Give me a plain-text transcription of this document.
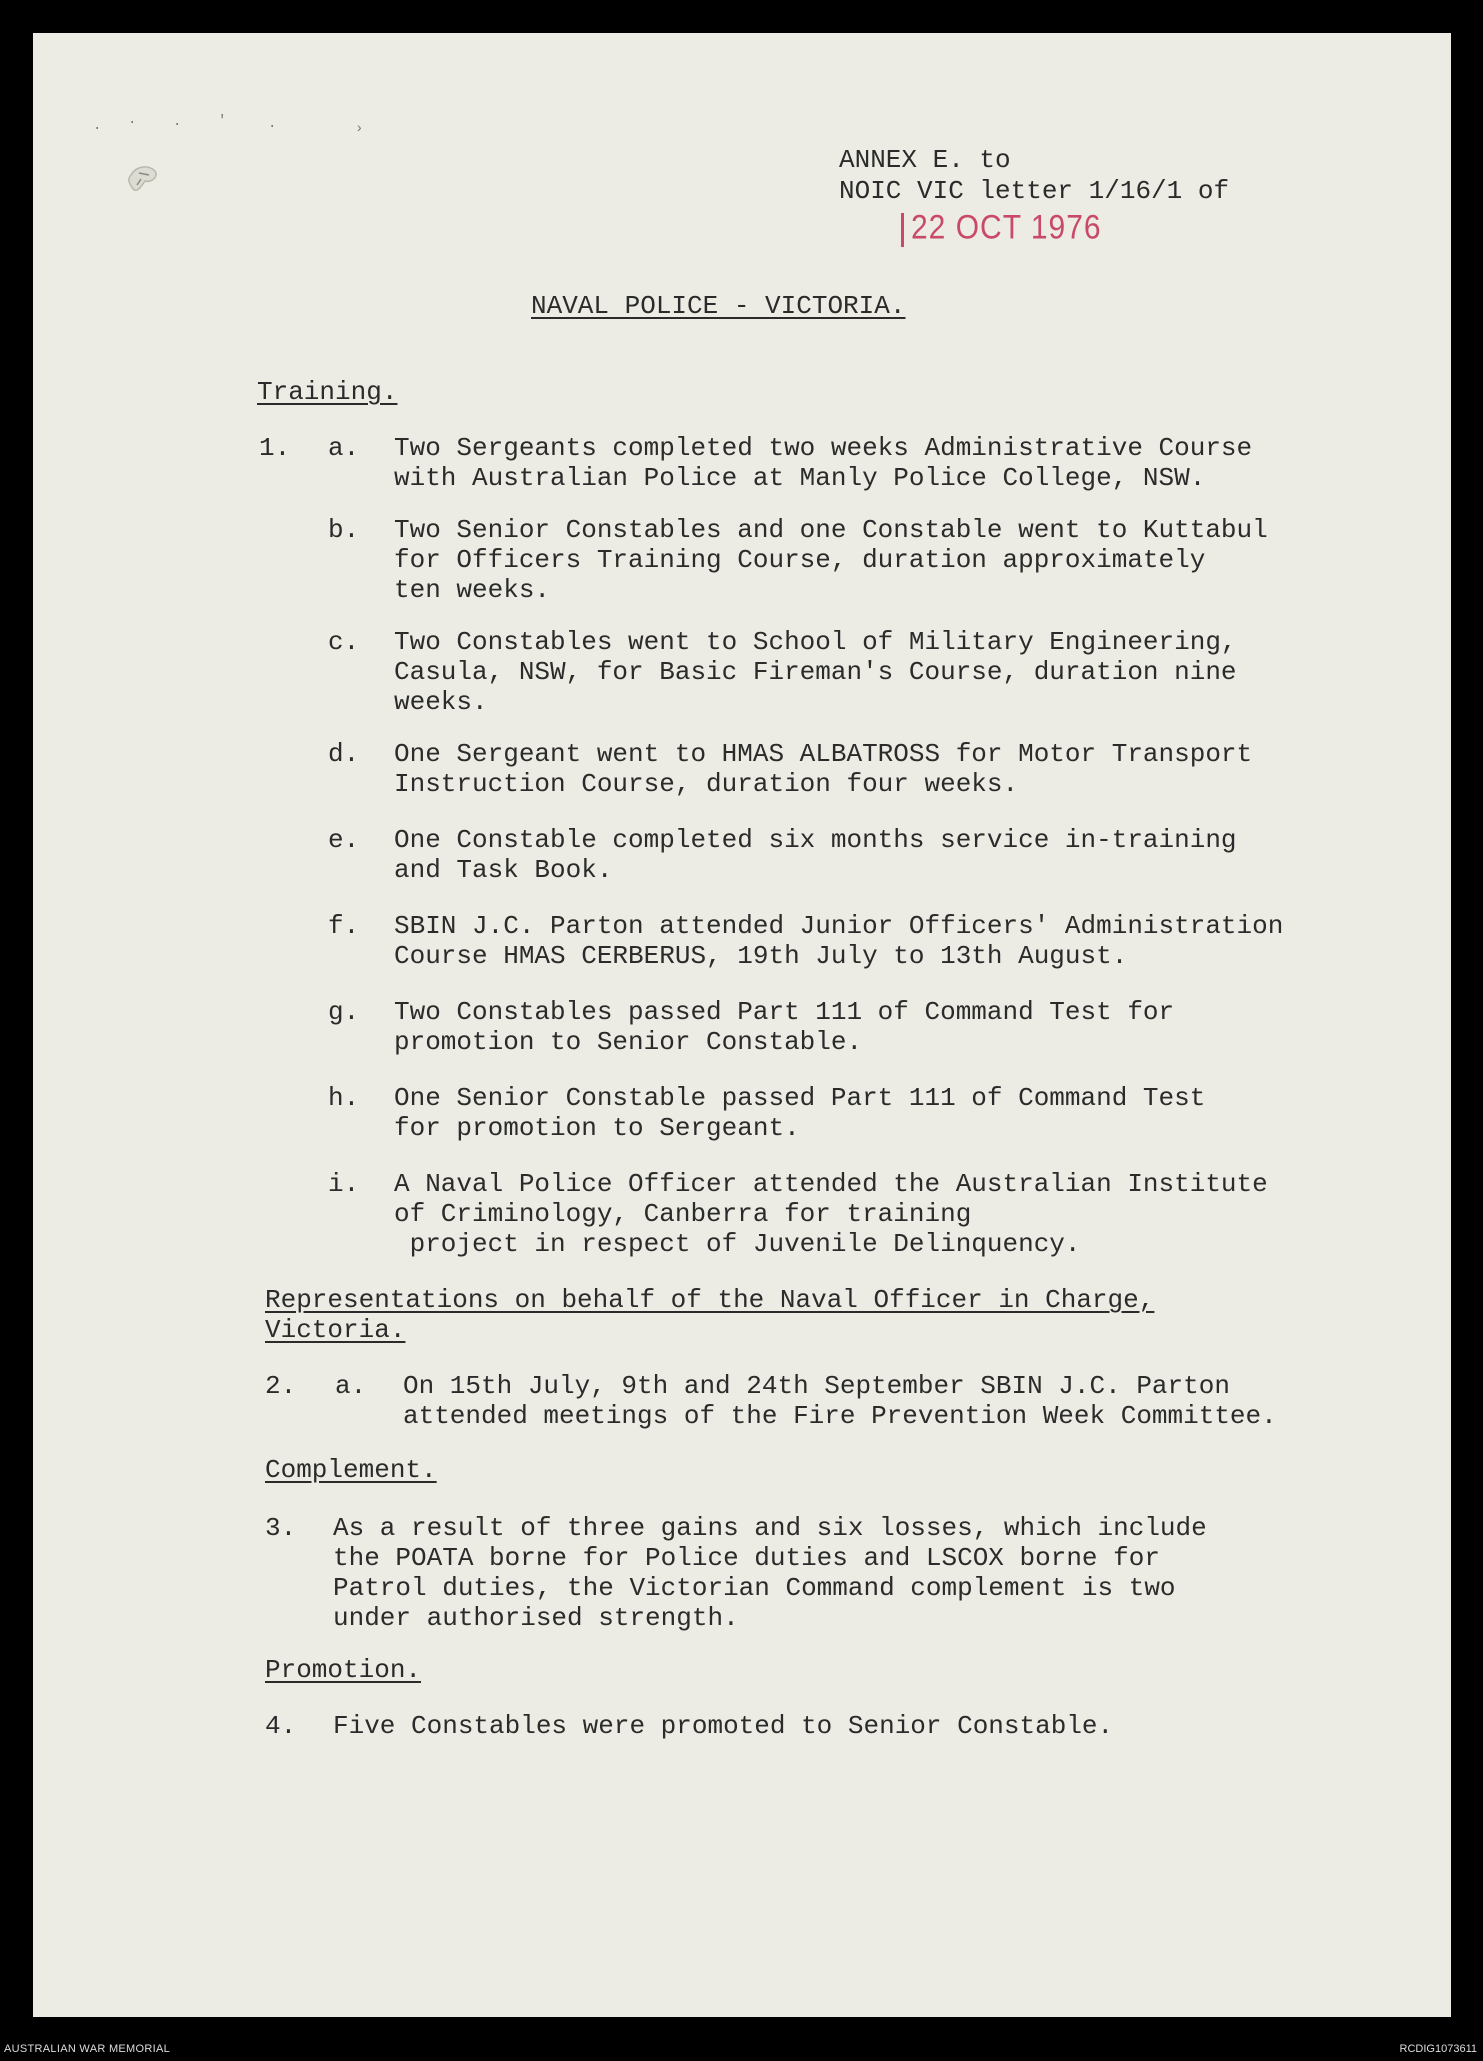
. ·	·	'	·	›
ANNEX E. to
NOIC VIC letter 1/16/1 of
22 OCT 1976
NAVAL POLICE - VICTORIA.
Training.
1. a. Two Sergeants completed two weeks Administrative Course
with Australian Police at Manly Police College, NSW.
b. Two Senior Constables and one Constable went to Kuttabul
for Officers Training Course, duration approximately
ten weeks.
c. Two Constables went to School of Military Engineering,
Casula, NSW, for Basic Fireman's Course, duration nine
weeks.
d. One Sergeant went to HMAS ALBATROSS for Motor Transport
Instruction Course, duration four weeks.
e. One Constable completed six months service in-training
and Task Book.
f. SBIN J.C. Parton attended Junior Officers' Administration
Course HMAS CERBERUS, 19th July to 13th August.
g. Two Constables passed Part 111 of Command Test for
promotion to Senior Constable.
h. One Senior Constable passed Part 111 of Command Test
for promotion to Sergeant.
i. A Naval Police Officer attended the Australian Institute
of Criminology, Canberra for training
project in respect of Juvenile Delinquency.
Representations on behalf of the Naval Officer in Charge,
Victoria.
2. a. On 15th July, 9th and 24th September SBIN J.C. Parton
attended meetings of the Fire Prevention Week Committee.
Complement.
3. As a result of three gains and six losses, which include
the POATA borne for Police duties and LSCOX borne for
Patrol duties, the Victorian Command complement is two
under authorised strength.
Promotion.
4. Five Constables were promoted to Senior Constable.
AUSTRALIAN WAR MEMORIAL	RCDIG1073611
